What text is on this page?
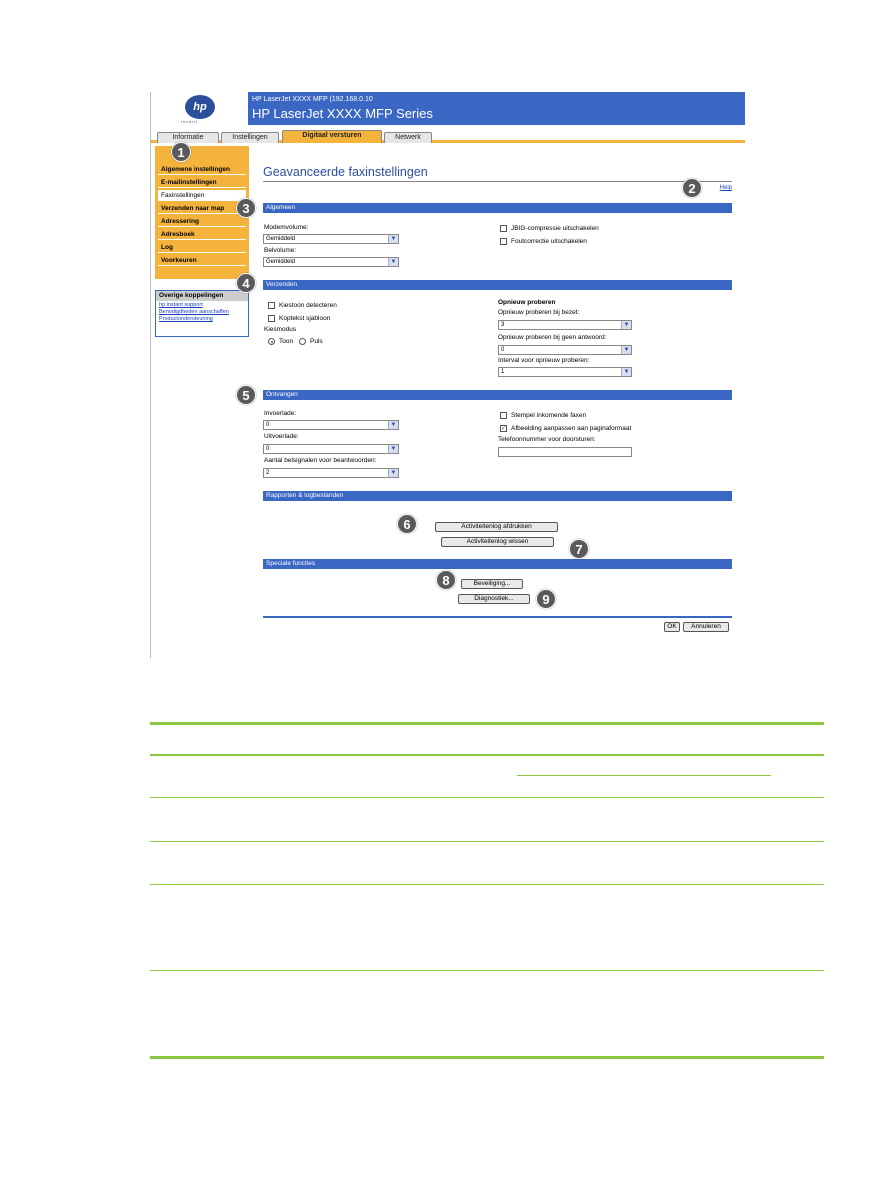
hp
invent
HP LaserJet XXXX MFP (192.168.0.10
HP LaserJet XXXX MFP Series
Informatie	Instellingen	Digitaal versturen	Netwerk
Algemene instellingen
E-mailinstellingen
Faxinstellingen
Verzenden naar map
Adressering
Adresboek
Log
Voorkeuren
Overige koppelingen
hp instant support
Benodigdheden aanschaffen
Productondersteuning
Geavanceerde faxinstellingen
Help
Algemeen
Modemvolume:
Gemiddeld	▼
Belvolume:
Gemiddeld	▼
JBIG-compressie uitschakelen
Foutcorrectie uitschakelen
Verzenden
Kiestoon detecteren
Koptekst sjabloon
Kiesmodus
Toon	Puls
Opnieuw proberen
Opnieuw proberen bij bezet:
3	▼
Opnieuw proberen bij geen antwoord:
0	▼
Interval voor opnieuw proberen:
1	▼
Ontvangen
Invoerlade:
0	▼
Uitvoerlade:
0	▼
Aantal belsignalen voor beantwoorden:
2	▼
Stempel inkomende faxen
✓ Afbeelding aanpassen aan paginaformaat
Telefoonnummer voor doorsturen:
Rapporten & logbestanden
Activiteitenlog afdrukken
Activiteitenlog wissen
Speciale functies
Beveiliging...
Diagnostiek...
OK	Annuleren
1
2
3
4
5
6
7
8
9
